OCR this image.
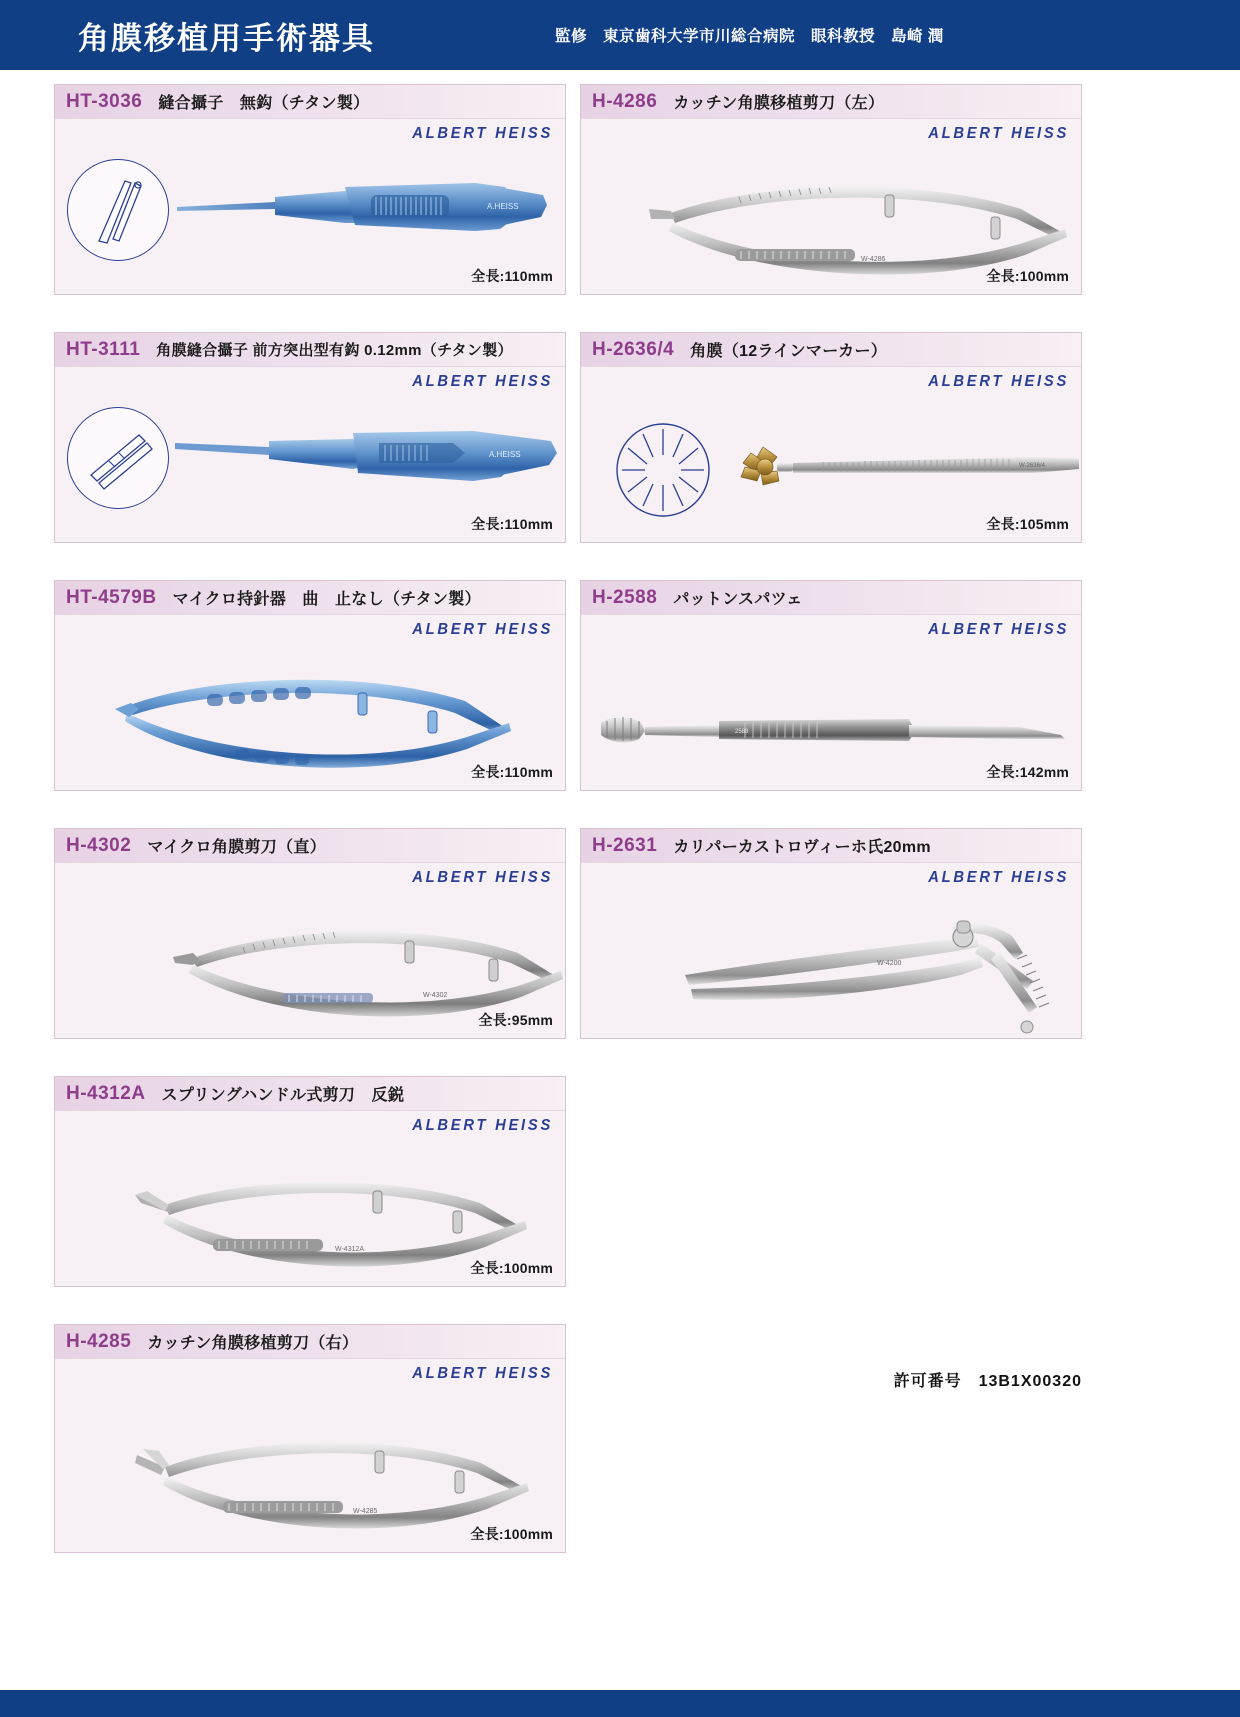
角膜移植用手術器具	監修　東京歯科大学市川総合病院　眼科教授　島崎 潤
HT-3036 縫合攝子　無鈎（チタン製）
ALBERT HEISS
A.HEISS
全長:110mm
HT-3111 角膜縫合攝子 前方突出型有鈎 0.12mm（チタン製）
ALBERT HEISS
A.HEISS
全長:110mm
HT-4579B マイクロ持針器　曲　止なし（チタン製）
ALBERT HEISS
全長:110mm
H-4302 マイクロ角膜剪刀（直）
ALBERT HEISS
W-4302
全長:95mm
H-4312A スプリングハンドル式剪刀　反鋭
ALBERT HEISS
W-4312A
全長:100mm
H-4285 カッチン角膜移植剪刀（右）
ALBERT HEISS
W-4285
全長:100mm
H-4286 カッチン角膜移植剪刀（左）
ALBERT HEISS
W-4286
全長:100mm
H-2636/4 角膜（12ラインマーカー）
ALBERT HEISS
W-2636/4
全長:105mm
H-2588 パットンスパツェ
ALBERT HEISS
2588
全長:142mm
H-2631 カリパーカストロヴィーホ氏20mm
ALBERT HEISS
W-4200
許可番号　13B1X00320
